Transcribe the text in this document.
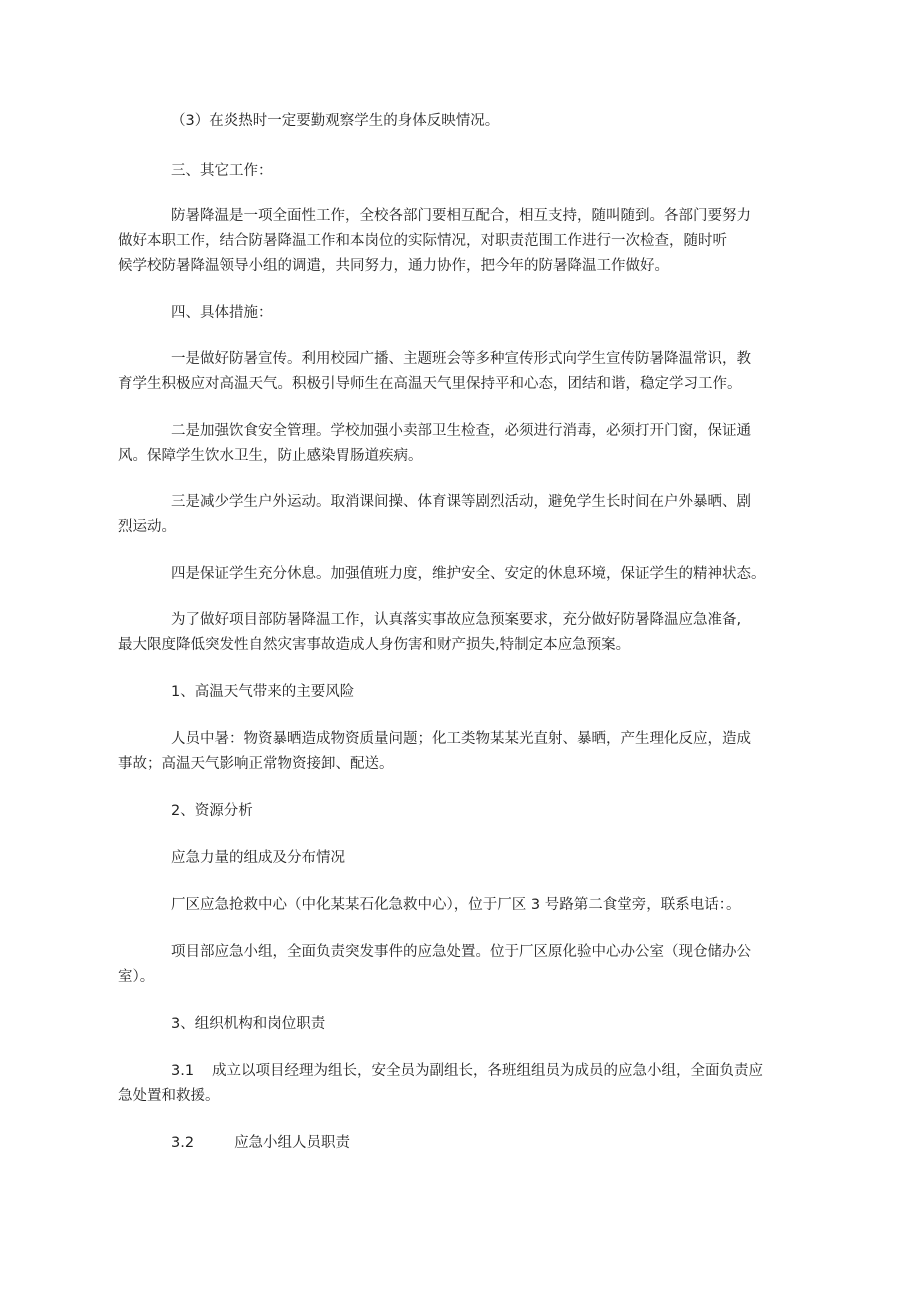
（3）在炎热时一定要勤观察学生的身体反映情况。

三、其它工作：

防暑降温是一项全面性工作，全校各部门要相互配合，相互支持，随叫随到。各部门要努力

做好本职工作，结合防暑降温工作和本岗位的实际情况，对职责范围工作进行一次检查，随时听

候学校防暑降温领导小组的调遣，共同努力，通力协作，把今年的防暑降温工作做好。

四、具体措施：

一是做好防暑宣传。利用校园广播、主题班会等多种宣传形式向学生宣传防暑降温常识，教

育学生积极应对高温天气。积极引导师生在高温天气里保持平和心态，团结和谐，稳定学习工作。

二是加强饮食安全管理。学校加强小卖部卫生检查，必须进行消毒，必须打开门窗，保证通

风。保障学生饮水卫生，防止感染胃肠道疾病。

三是减少学生户外运动。取消课间操、体育课等剧烈活动，避免学生长时间在户外暴晒、剧

烈运动。

四是保证学生充分休息。加强值班力度，维护安全、安定的休息环境，保证学生的精神状态。

为了做好项目部防暑降温工作，认真落实事故应急预案要求，充分做好防暑降温应急准备,

最大限度降低突发性自然灾害事故造成人身伤害和财产损失,特制定本应急预案。

1、高温天气带来的主要风险

人员中暑：物资暴晒造成物资质量问题；化工类物某某光直射、暴晒，产生理化反应，造成

事故；高温天气影响正常物资接卸、配送。

2、资源分析

应急力量的组成及分布情况

厂区应急抢救中心（中化某某石化急救中心），位于厂区 3 号路第二食堂旁，联系电话：。

项目部应急小组，全面负责突发事件的应急处置。位于厂区原化验中心办公室（现仓储办公

室）。

3、组织机构和岗位职责

3.1 成立以项目经理为组长，安全员为副组长，各班组组员为成员的应急小组，全面负责应

急处置和救援。

3.2	应急小组人员职责
